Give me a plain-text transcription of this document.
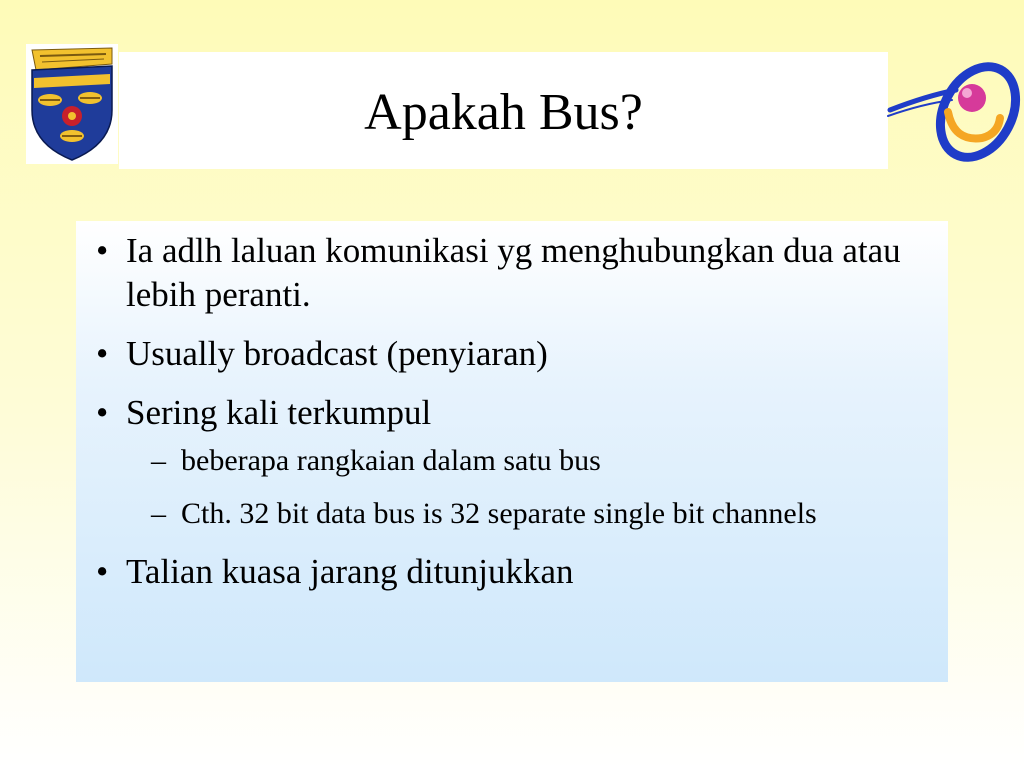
Apakah Bus?
• Ia adlh laluan komunikasi yg menghubungkan dua atau lebih peranti.
• Usually broadcast (penyiaran)
• Sering kali terkumpul
– beberapa rangkaian dalam satu bus
– Cth. 32 bit data bus is 32 separate single bit channels
• Talian kuasa jarang ditunjukkan
